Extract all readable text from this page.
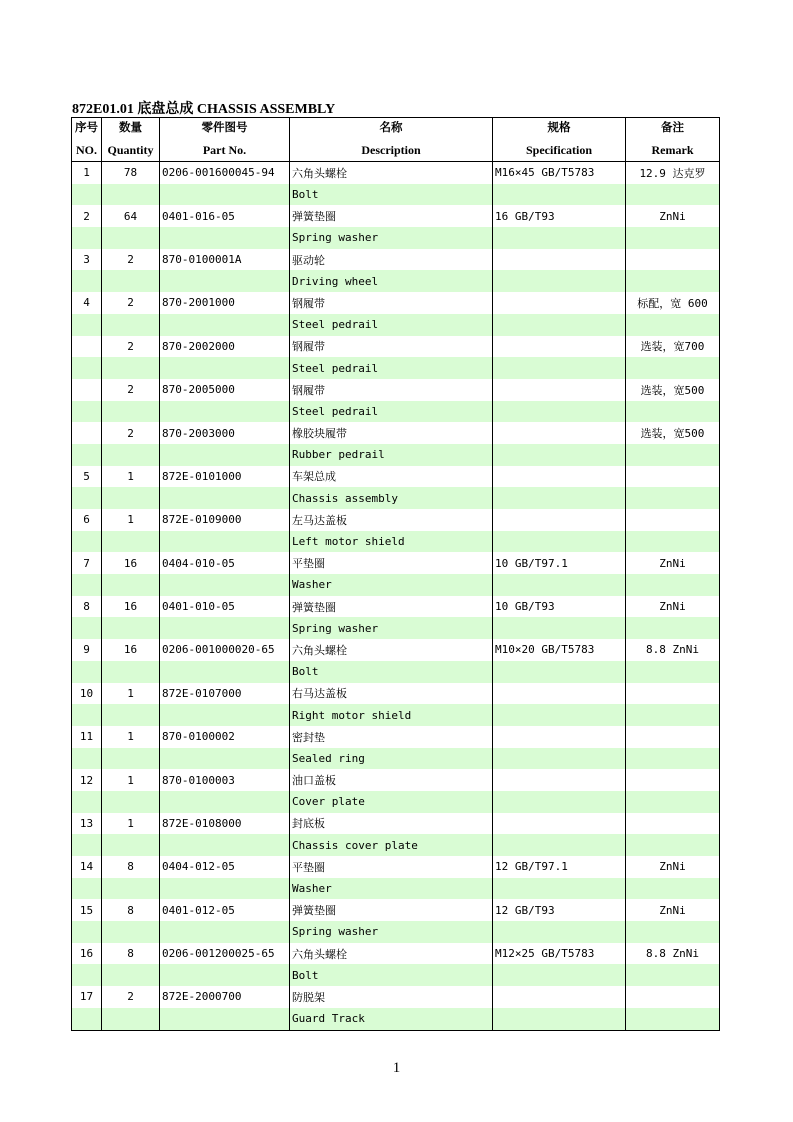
872E01.01 底盘总成 CHASSIS ASSEMBLY
序号	数量	零件图号	名称	规格	备注
NO.	Quantity	Part No.	Description	Specification	Remark
1	78	0206-001600045-94	六角头螺栓	M16×45 GB/T5783	12.9 达克罗
			Bolt		
2	64	0401-016-05	弹簧垫圈	16 GB/T93	ZnNi
			Spring washer		
3	2	870-0100001A	驱动轮		
			Driving wheel		
4	2	870-2001000	钢履带		标配，宽 600
			Steel pedrail		
	2	870-2002000	钢履带		选装，宽700
			Steel pedrail		
	2	870-2005000	钢履带		选装，宽500
			Steel pedrail		
	2	870-2003000	橡胶块履带		选装，宽500
			Rubber pedrail		
5	1	872E-0101000	车架总成		
			Chassis assembly		
6	1	872E-0109000	左马达盖板		
			Left motor shield		
7	16	0404-010-05	平垫圈	10 GB/T97.1	ZnNi
			Washer		
8	16	0401-010-05	弹簧垫圈	10 GB/T93	ZnNi
			Spring washer		
9	16	0206-001000020-65	六角头螺栓	M10×20 GB/T5783	8.8 ZnNi
			Bolt		
10	1	872E-0107000	右马达盖板		
			Right motor shield		
11	1	870-0100002	密封垫		
			Sealed ring		
12	1	870-0100003	油口盖板		
			Cover plate		
13	1	872E-0108000	封底板		
			Chassis cover plate		
14	8	0404-012-05	平垫圈	12 GB/T97.1	ZnNi
			Washer		
15	8	0401-012-05	弹簧垫圈	12 GB/T93	ZnNi
			Spring washer		
16	8	0206-001200025-65	六角头螺栓	M12×25 GB/T5783	8.8 ZnNi
			Bolt		
17	2	872E-2000700	防脱架		
			Guard Track		
1
